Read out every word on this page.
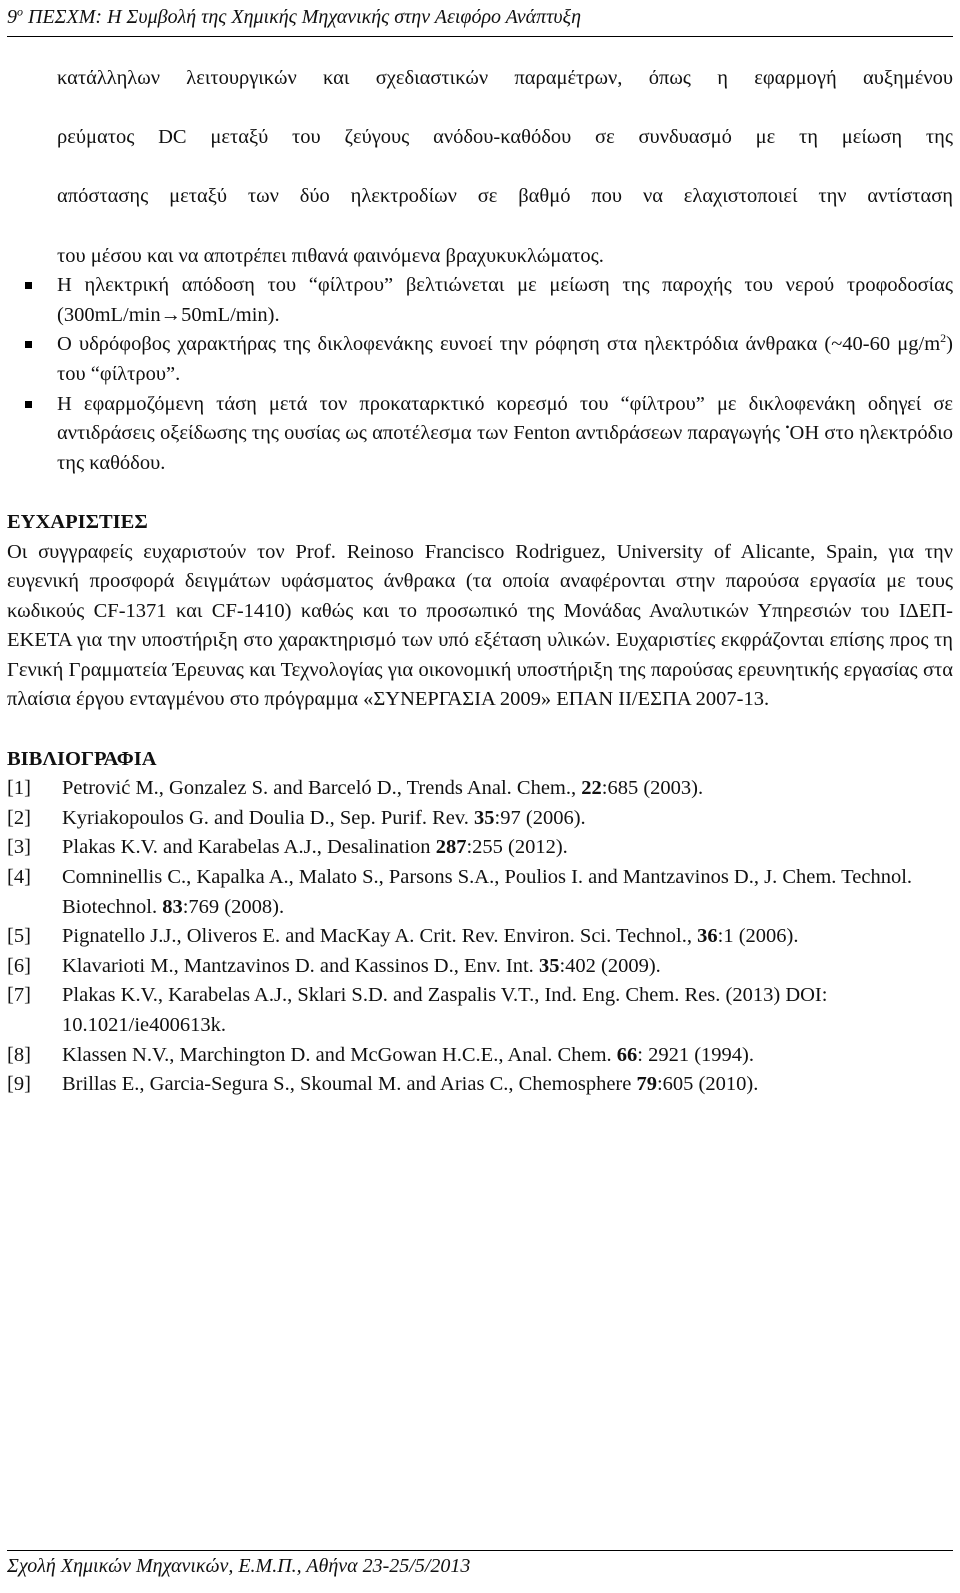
$9^o$ ΠΕΣΧΜ: Η Συμβολή της Χημικής Μηχανικής στην Αειφόρο Ανάπτυξη
κατάλληλων λειτουργικών και σχεδιαστικών παραμέτρων, όπως η εφαρμογή αυξημένου
ρεύματος DC μεταξύ του ζεύγους ανόδου-καθόδου σε συνδυασμό με τη μείωση της
απόστασης μεταξύ των δύο ηλεκτροδίων σε βαθμό που να ελαχιστοποιεί την αντίσταση
του μέσου και να αποτρέπει πιθανά φαινόμενα βραχυκυκλώματος.
Η ηλεκτρική απόδοση του “φίλτρου” βελτιώνεται με μείωση της παροχής του νερού τροφοδοσίας (300mL/min→50mL/min).
Ο υδρόφοβος χαρακτήρας της δικλοφενάκης ευνοεί την ρόφηση στα ηλεκτρόδια άνθρακα (~40-60 $\mu g/m^2$) του “φίλτρου”.
Η εφαρμοζόμενη τάση μετά τον προκαταρκτικό κορεσμό του “φίλτρου” με δικλοφενάκη οδηγεί σε αντιδράσεις οξείδωσης της ουσίας ως αποτέλεσμα των Fenton αντιδράσεων παραγωγής •OH στο ηλεκτρόδιο της καθόδου.
ΕΥΧΑΡΙΣΤΙΕΣ
Οι συγγραφείς ευχαριστούν τον Prof. Reinoso Francisco Rodriguez, University of Alicante, Spain, για την ευγενική προσφορά δειγμάτων υφάσματος άνθρακα (τα οποία αναφέρονται στην παρούσα εργασία με τους κωδικούς CF-1371 και CF-1410) καθώς και το προσωπικό της Μονάδας Αναλυτικών Υπηρεσιών του ΙΔΕΠ-ΕΚΕΤΑ για την υποστήριξη στο χαρακτηρισμό των υπό εξέταση υλικών. Ευχαριστίες εκφράζονται επίσης προς τη Γενική Γραμματεία Έρευνας και Τεχνολογίας για οικονομική υποστήριξη της παρούσας ερευνητικής εργασίας στα πλαίσια έργου ενταγμένου στο πρόγραμμα «ΣΥΝΕΡΓΑΣΙΑ 2009» ΕΠΑΝ ΙΙ/ΕΣΠΑ 2007-13.
ΒΙΒΛΙΟΓΡΑΦΙΑ
[1] Petrović M., Gonzalez S. and Barceló D., Trends Anal. Chem., 22:685 (2003).
[2] Kyriakopoulos G. and Doulia D., Sep. Purif. Rev. 35:97 (2006).
[3] Plakas K.V. and Karabelas A.J., Desalination 287:255 (2012).
[4] Comninellis C., Kapalka A., Malato S., Parsons S.A., Poulios I. and Mantzavinos D., J. Chem. Technol. Biotechnol. 83:769 (2008).
[5] Pignatello J.J., Oliveros E. and MacKay A. Crit. Rev. Environ. Sci. Technol., 36:1 (2006).
[6] Klavarioti M., Mantzavinos D. and Kassinos D., Env. Int. 35:402 (2009).
[7] Plakas K.V., Karabelas A.J., Sklari S.D. and Zaspalis V.T., Ind. Eng. Chem. Res. (2013) DOI: 10.1021/ie400613k.
[8] Klassen N.V., Marchington D. and McGowan H.C.E., Anal. Chem. 66: 2921 (1994).
[9] Brillas E., Garcia-Segura S., Skoumal M. and Arias C., Chemosphere 79:605 (2010).
Σχολή Χημικών Μηχανικών, Ε.Μ.Π., Αθήνα 23-25/5/2013
